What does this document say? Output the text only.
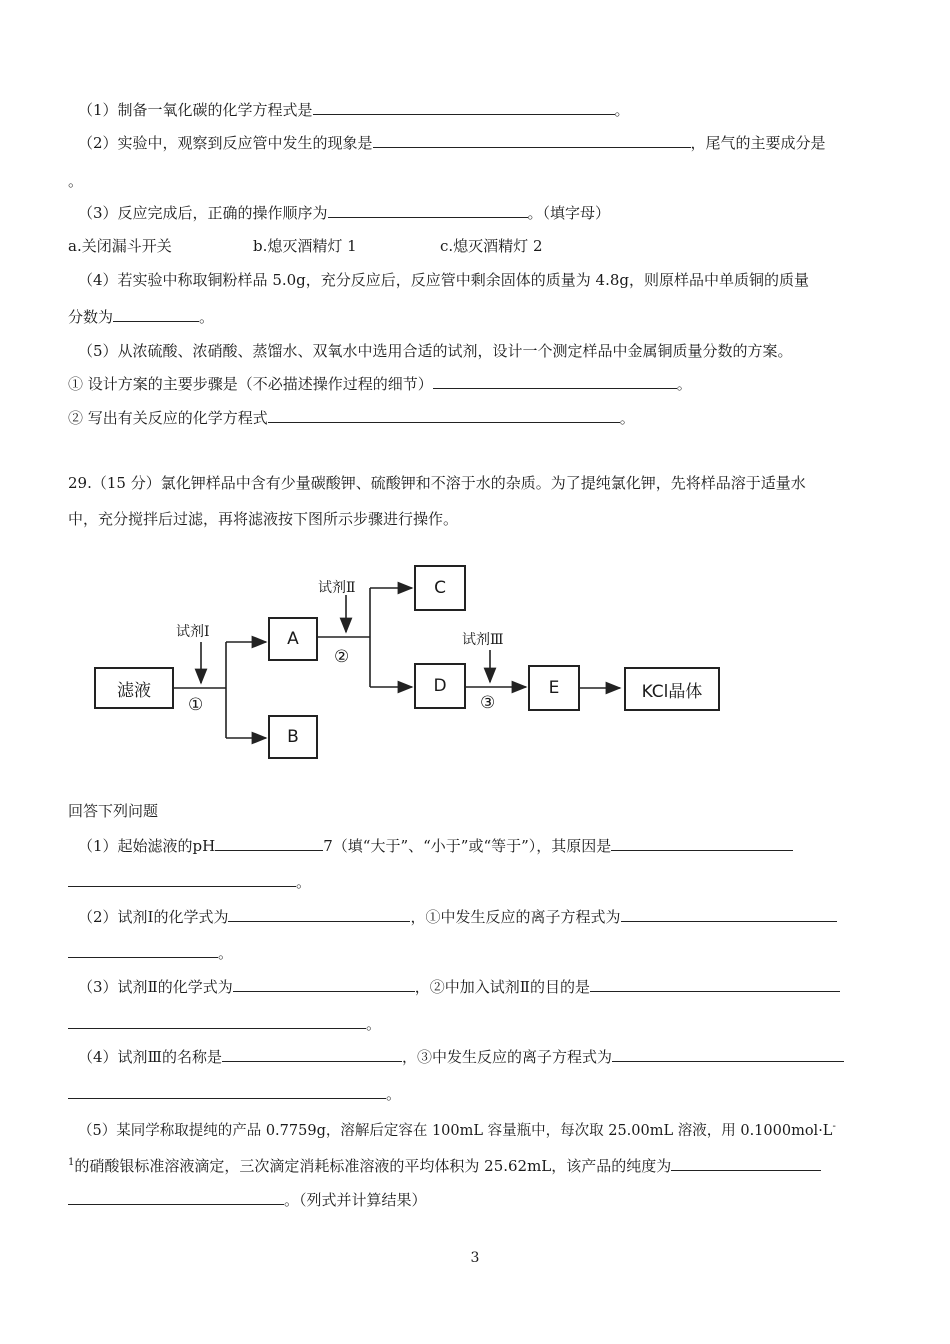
（1）制备一氧化碳的化学方程式是	。
（2）实验中，观察到反应管中发生的现象是	，尾气的主要成分是
。
（3）反应完成后，正确的操作顺序为	。（填字母）
a.关闭漏斗开关	b.熄灭酒精灯 1	c.熄灭酒精灯 2
（4）若实验中称取铜粉样品 5.0g，充分反应后，反应管中剩余固体的质量为 4.8g，则原样品中单质铜的质量
分数为	。
（5）从浓硫酸、浓硝酸、蒸馏水、双氧水中选用合适的试剂，设计一个测定样品中金属铜质量分数的方案。
① 设计方案的主要步骤是（不必描述操作过程的细节）	。
② 写出有关反应的化学方程式	。
29.（15 分）氯化钾样品中含有少量碳酸钾、硫酸钾和不溶于水的杂质。为了提纯氯化钾，先将样品溶于适量水
中，充分搅拌后过滤，再将滤液按下图所示步骤进行操作。
滤液
A
B
C
D	E	KCl晶体
试剂Ⅰ
试剂Ⅱ
试剂Ⅲ
①
②
③
回答下列问题
（1）起始滤液的pH	7（填“大于”、“小于”或“等于”），其原因是
。
（2）试剂Ⅰ的化学式为	，①中发生反应的离子方程式为
。
（3）试剂Ⅱ的化学式为	，②中加入试剂Ⅱ的目的是
。
（4）试剂Ⅲ的名称是	，③中发生反应的离子方程式为
。
（5）某同学称取提纯的产品 0.7759g，溶解后定容在 100mL 容量瓶中，每次取 25.00mL 溶液，用 0.1000mol·L-
$^1$的硝酸银标准溶液滴定，三次滴定消耗标准溶液的平均体积为 25.62mL，该产品的纯度为
。（列式并计算结果）
3
